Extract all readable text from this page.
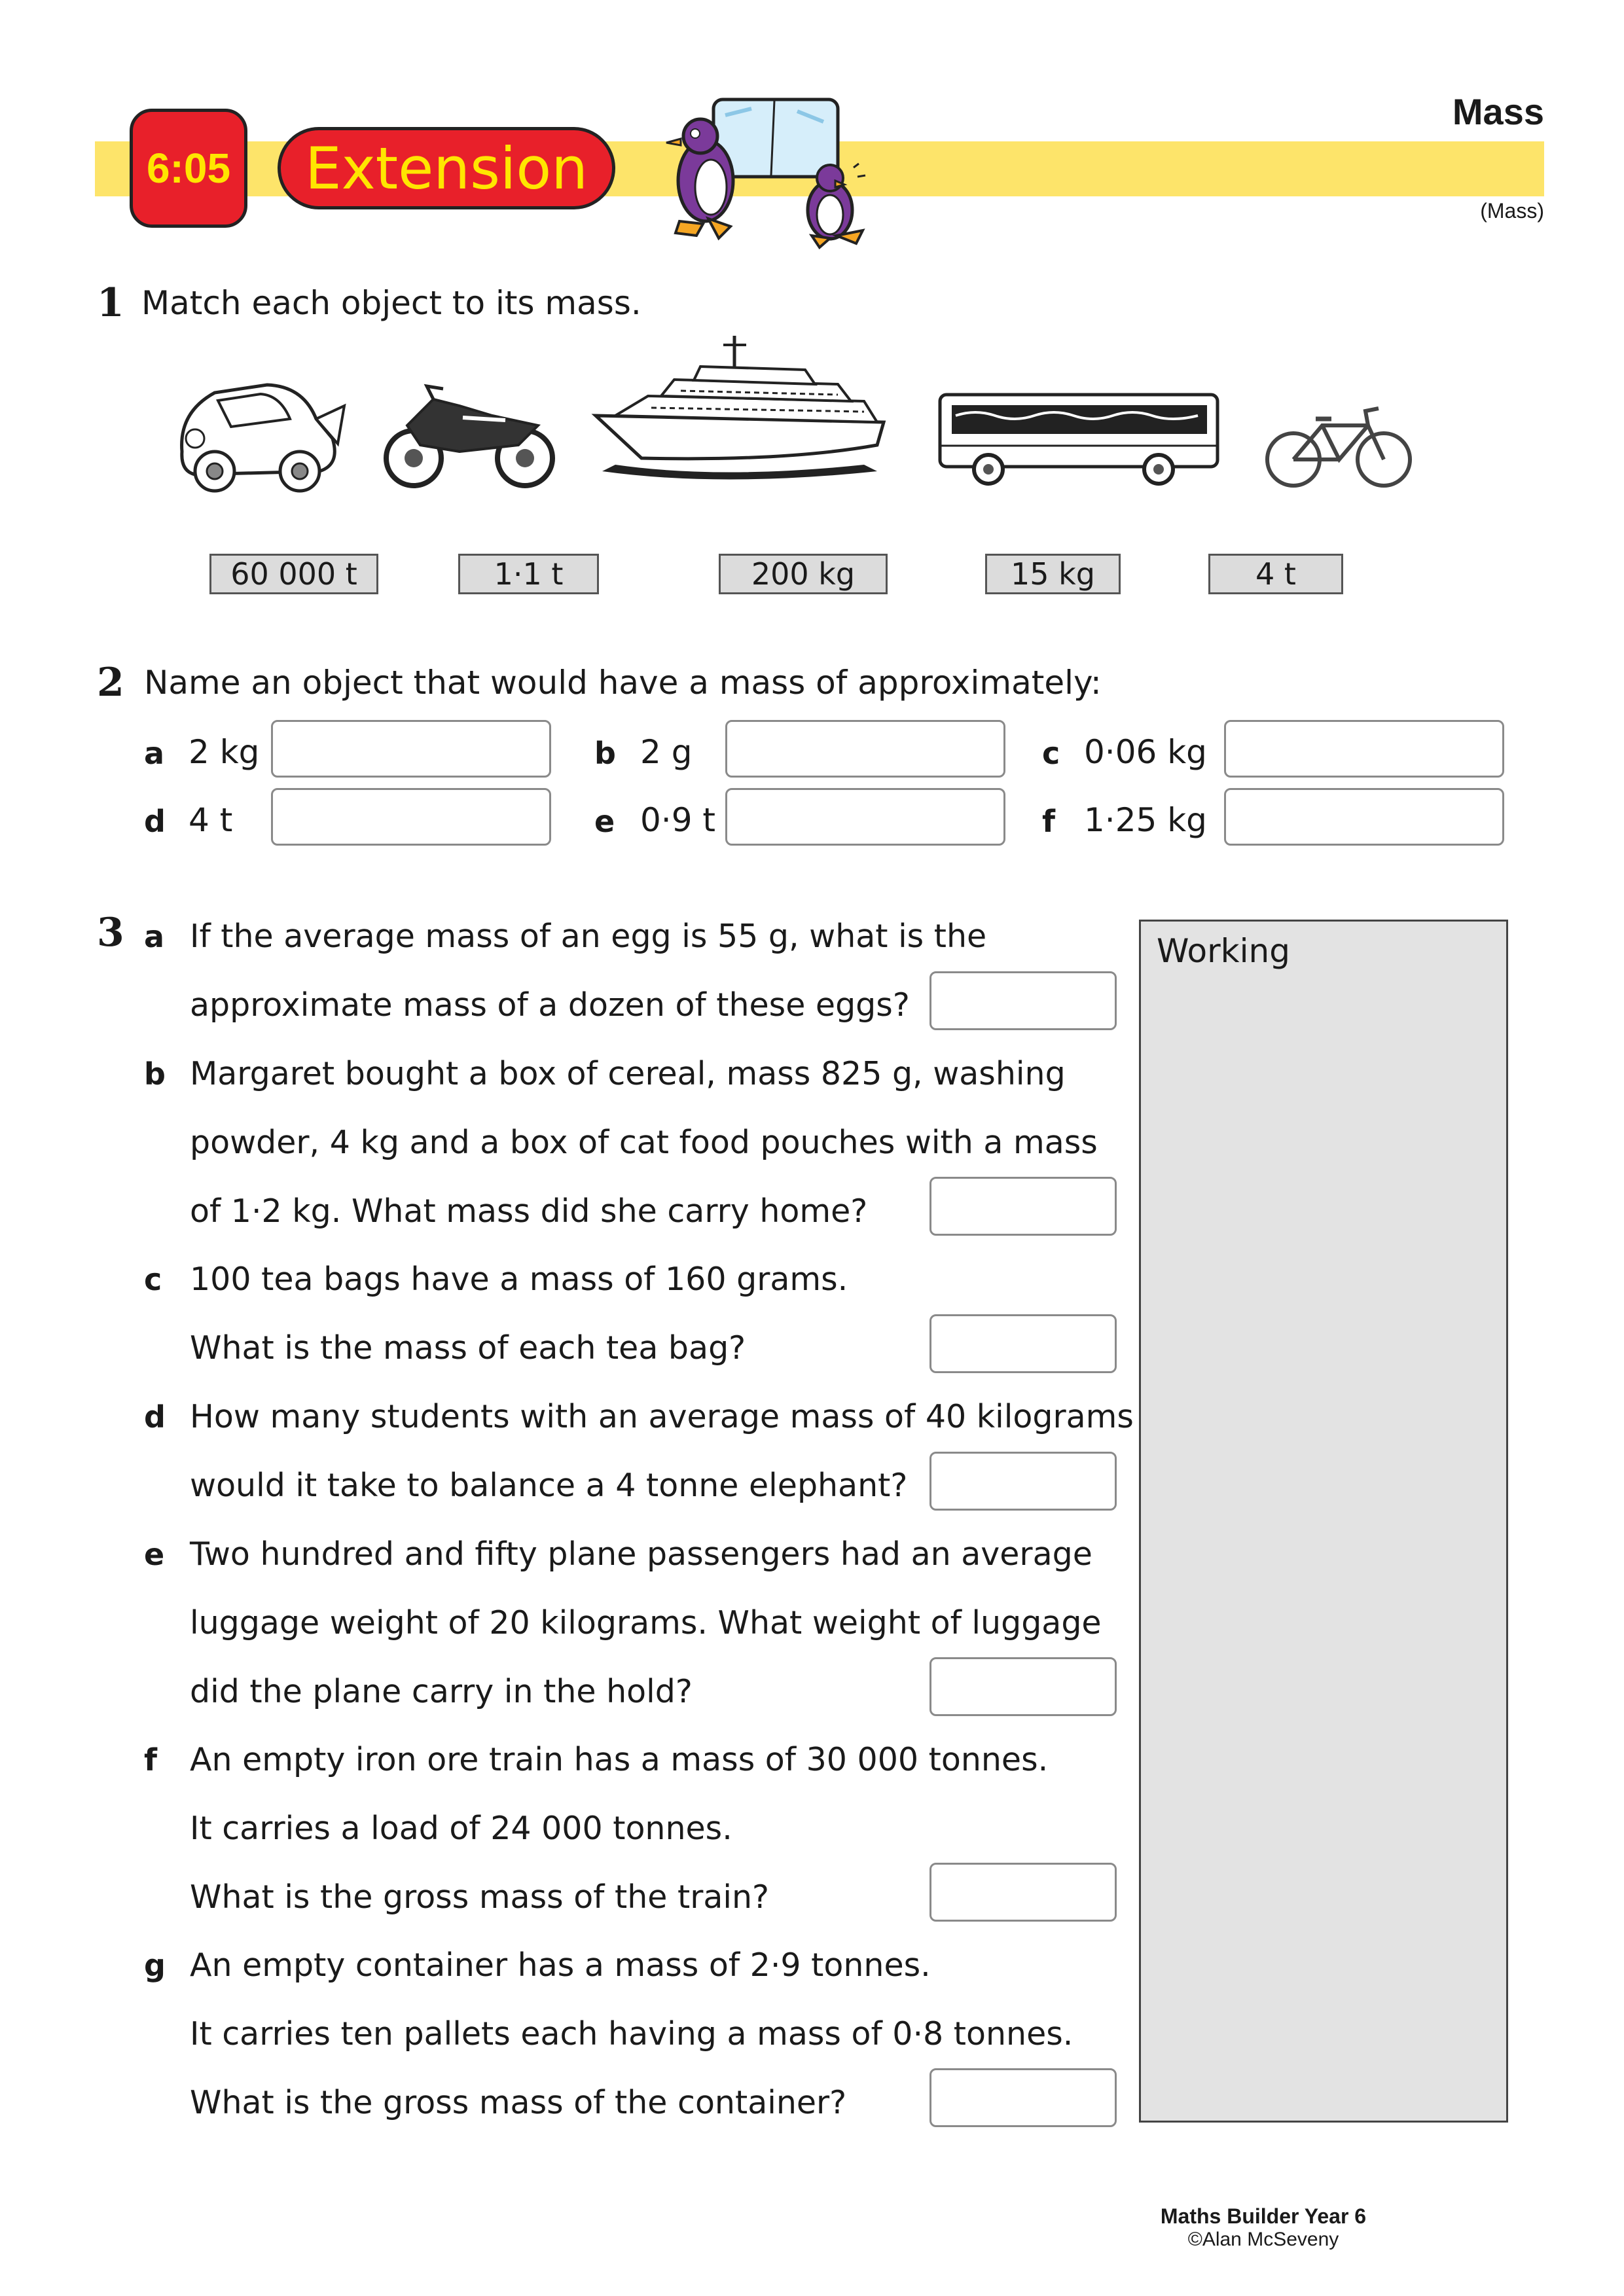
6:05	Extension
Mass
(Mass)
1 Match each object to its mass.
60 000 t	1·1 t	200 kg	15 kg	4 t
2 Name an object that would have a mass of approximately:
a 2 kg	b 2 g	c 0·06 kg
d 4 t	e 0·9 t	f 1·25 kg
3	Working
a If the average mass of an egg is 55 g, what is the
approximate mass of a dozen of these eggs?
b Margaret bought a box of cereal, mass 825 g, washing
powder, 4 kg and a box of cat food pouches with a mass
of 1·2 kg. What mass did she carry home?
c 100 tea bags have a mass of 160 grams.
What is the mass of each tea bag?
d How many students with an average mass of 40 kilograms
would it take to balance a 4 tonne elephant?
e Two hundred and fifty plane passengers had an average
luggage weight of 20 kilograms. What weight of luggage
did the plane carry in the hold?
f An empty iron ore train has a mass of 30 000 tonnes.
It carries a load of 24 000 tonnes.
What is the gross mass of the train?
g An empty container has a mass of 2·9 tonnes.
It carries ten pallets each having a mass of 0·8 tonnes.
What is the gross mass of the container?
Maths Builder Year 6
©Alan McSeveny
